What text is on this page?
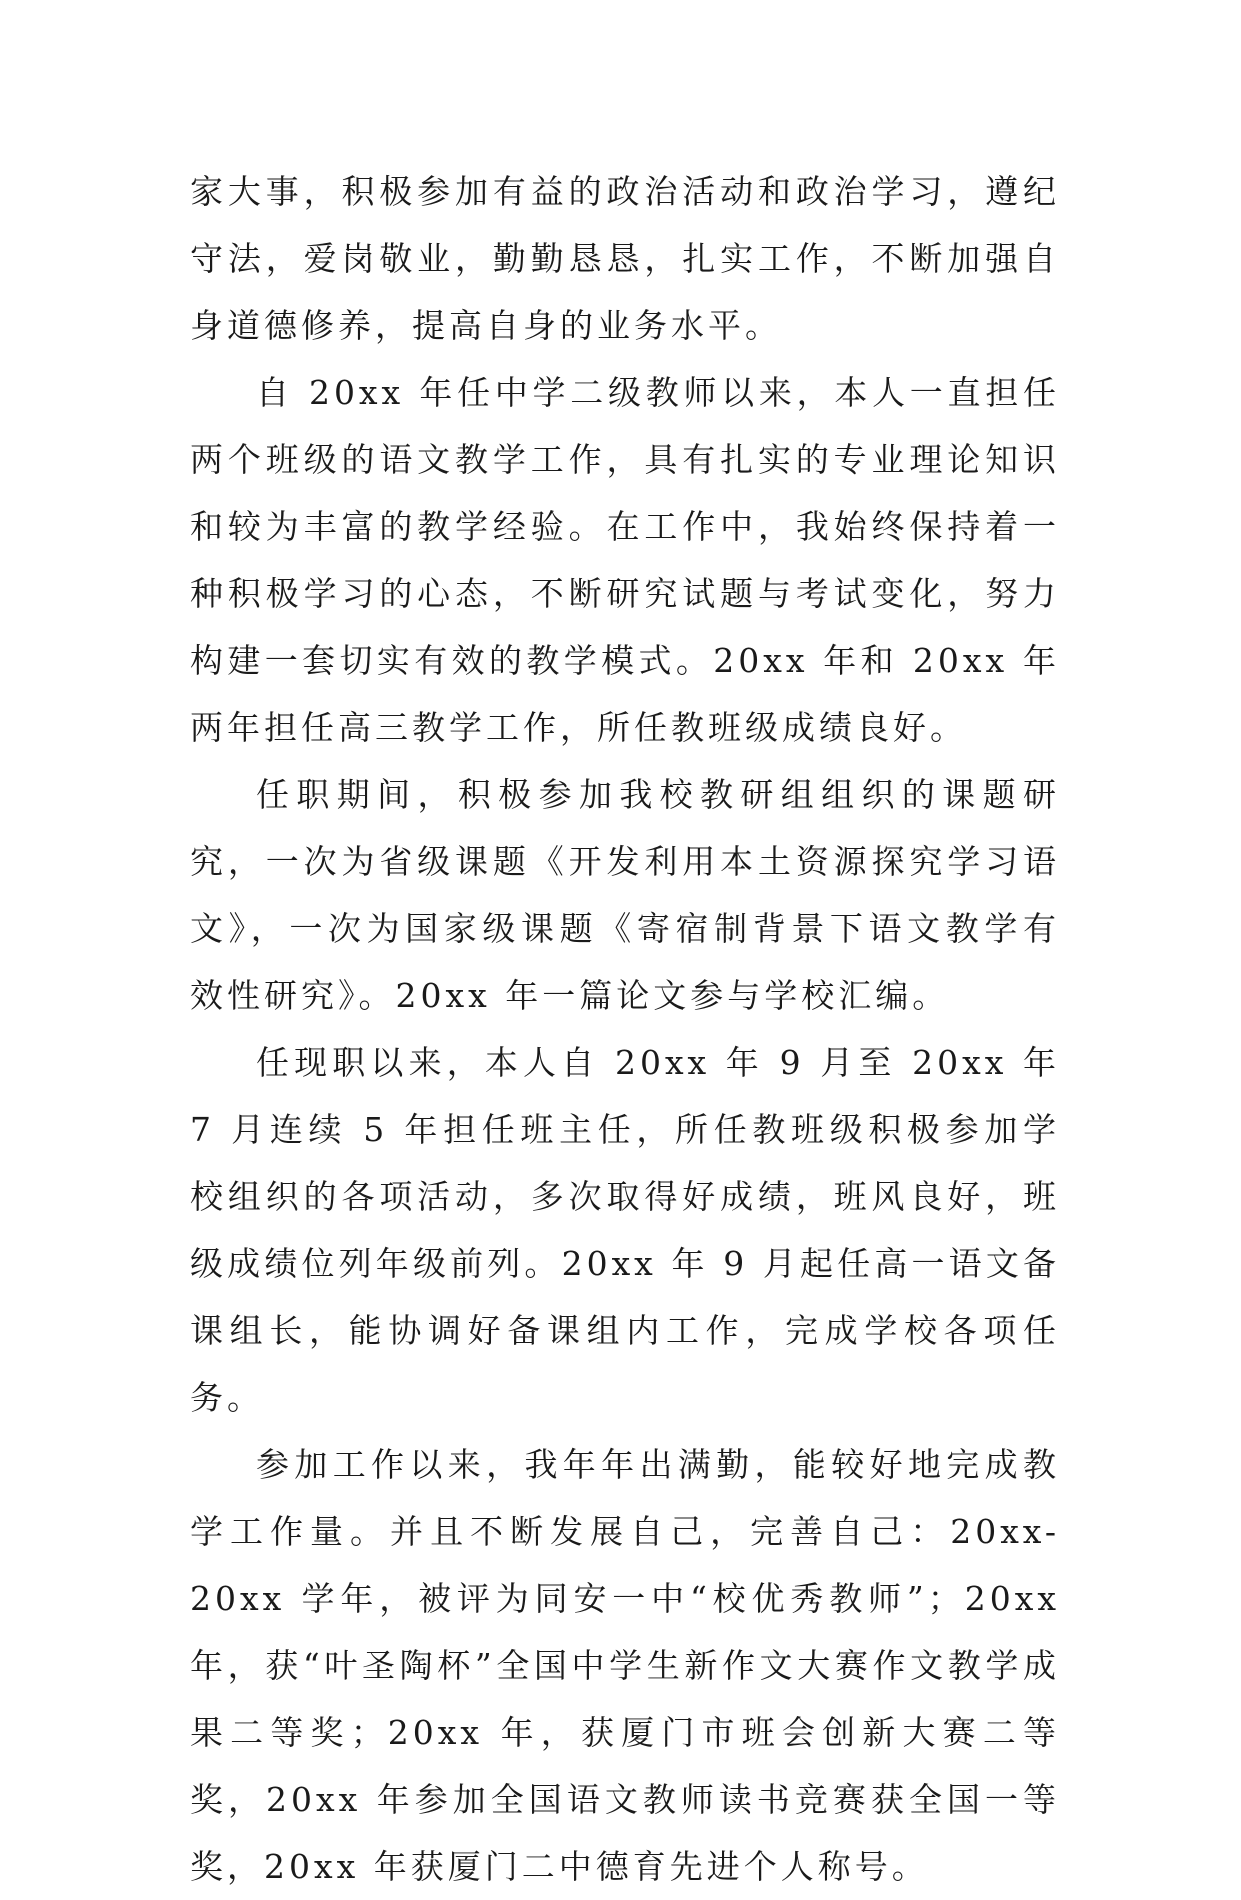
家大事，积极参加有益的政治活动和政治学习，遵纪守法，爱岗敬业，勤勤恳恳，扎实工作，不断加强自身道德修养，提高自身的业务水平。

自 20xx 年任中学二级教师以来，本人一直担任两个班级的语文教学工作，具有扎实的专业理论知识和较为丰富的教学经验。在工作中，我始终保持着一种积极学习的心态，不断研究试题与考试变化，努力构建一套切实有效的教学模式。20xx 年和 20xx 年两年担任高三教学工作，所任教班级成绩良好。

任职期间，积极参加我校教研组组织的课题研究，一次为省级课题《开发利用本土资源探究学习语文》，一次为国家级课题《寄宿制背景下语文教学有效性研究》。20xx 年一篇论文参与学校汇编。

任现职以来，本人自 20xx 年 9 月至 20xx 年 7 月连续 5 年担任班主任，所任教班级积极参加学校组织的各项活动，多次取得好成绩，班风良好，班级成绩位列年级前列。20xx 年 9 月起任高一语文备课组长，能协调好备课组内工作，完成学校各项任务。

参加工作以来，我年年出满勤，能较好地完成教学工作量。并且不断发展自己，完善自己：20xx-20xx 学年，被评为同安一中“校优秀教师”；20xx 年，获“叶圣陶杯”全国中学生新作文大赛作文教学成果二等奖；20xx 年，获厦门市班会创新大赛二等奖，20xx 年参加全国语文教师读书竞赛获全国一等奖，20xx 年获厦门二中德育先进个人称号。
